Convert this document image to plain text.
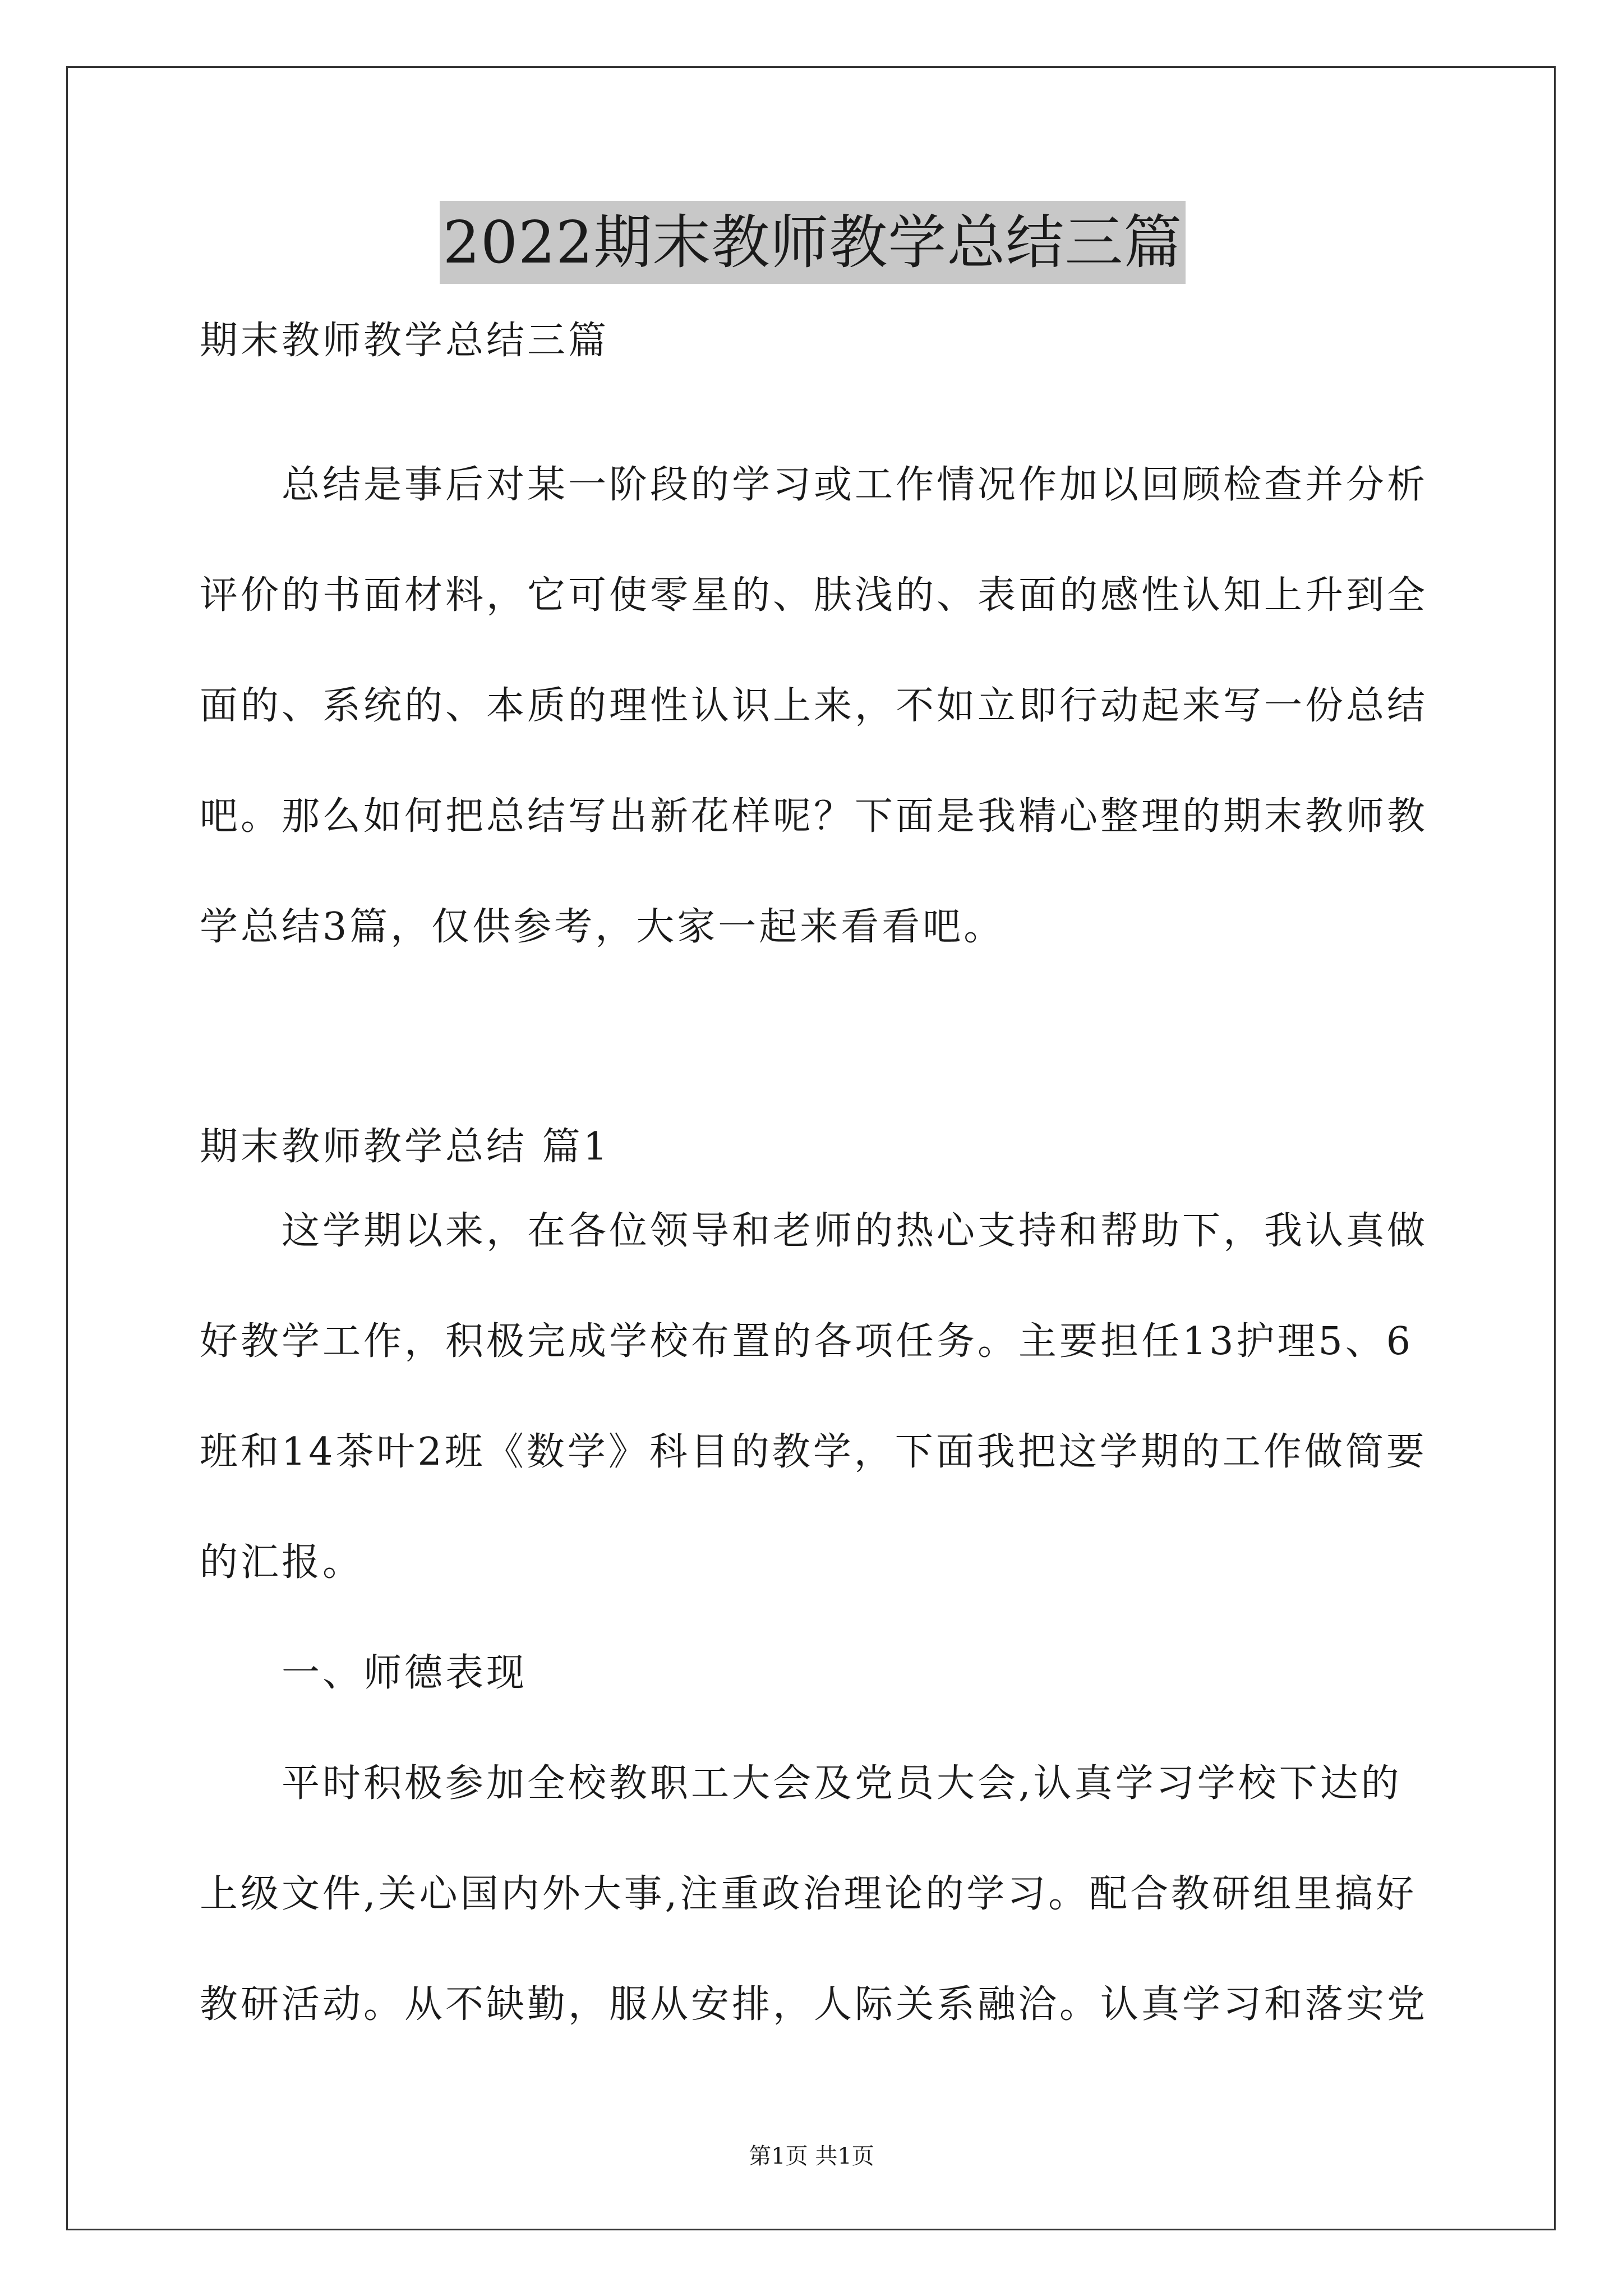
2022期末教师教学总结三篇
期末教师教学总结三篇
总结是事后对某一阶段的学习或工作情况作加以回顾检查并分析
评价的书面材料，它可使零星的、肤浅的、表面的感性认知上升到全
面的、系统的、本质的理性认识上来，不如立即行动起来写一份总结
吧。那么如何把总结写出新花样呢？下面是我精心整理的期末教师教
学总结3篇，仅供参考，大家一起来看看吧。
期末教师教学总结 篇1
这学期以来，在各位领导和老师的热心支持和帮助下，我认真做
好教学工作，积极完成学校布置的各项任务。主要担任13护理5、6
班和14茶叶2班《数学》科目的教学，下面我把这学期的工作做简要
的汇报。
一、师德表现
平时积极参加全校教职工大会及党员大会,认真学习学校下达的
上级文件,关心国内外大事,注重政治理论的学习。配合教研组里搞好
教研活动。从不缺勤，服从安排，人际关系融洽。认真学习和落实党
第1页 共1页
